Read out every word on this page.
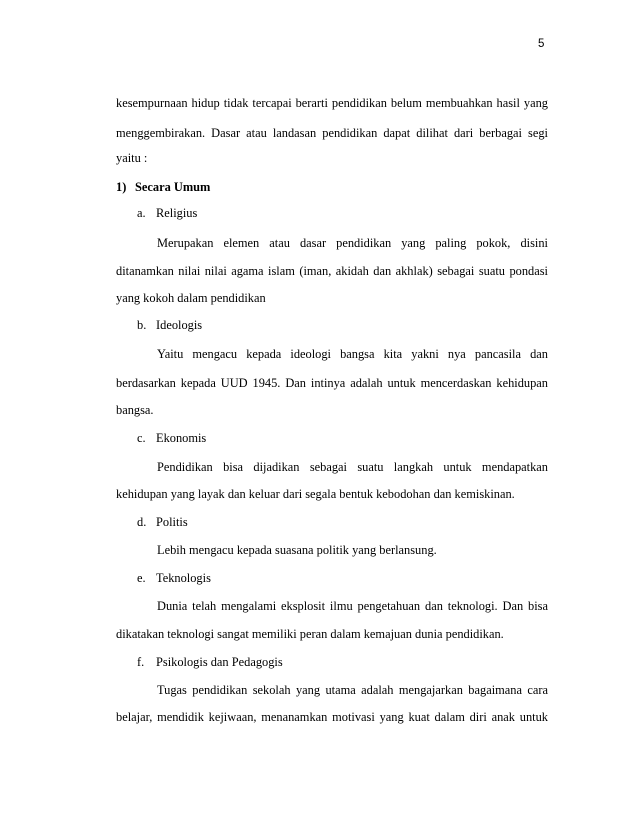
5

kesempurnaan hidup tidak tercapai berarti pendidikan belum membuahkan hasil yang

menggembirakan. Dasar atau landasan pendidikan dapat dilihat dari berbagai segi

yaitu :

1) Secara Umum

a. Religius

Merupakan elemen atau dasar pendidikan yang paling pokok, disini

ditanamkan nilai nilai agama islam (iman, akidah dan akhlak) sebagai suatu pondasi

yang kokoh dalam pendidikan

b. Ideologis

Yaitu mengacu kepada ideologi bangsa kita yakni nya pancasila dan

berdasarkan kepada UUD 1945. Dan intinya adalah untuk mencerdaskan kehidupan

bangsa.

c. Ekonomis

Pendidikan bisa dijadikan sebagai suatu langkah untuk mendapatkan

kehidupan yang layak dan keluar dari segala bentuk kebodohan dan kemiskinan.

d. Politis

Lebih mengacu kepada suasana politik yang berlansung.

e. Teknologis

Dunia telah mengalami eksplosit ilmu pengetahuan dan teknologi. Dan bisa

dikatakan teknologi sangat memiliki peran dalam kemajuan dunia pendidikan.

f. Psikologis dan Pedagogis

Tugas pendidikan sekolah yang utama adalah mengajarkan bagaimana cara

belajar, mendidik kejiwaan, menanamkan motivasi yang kuat dalam diri anak untuk
